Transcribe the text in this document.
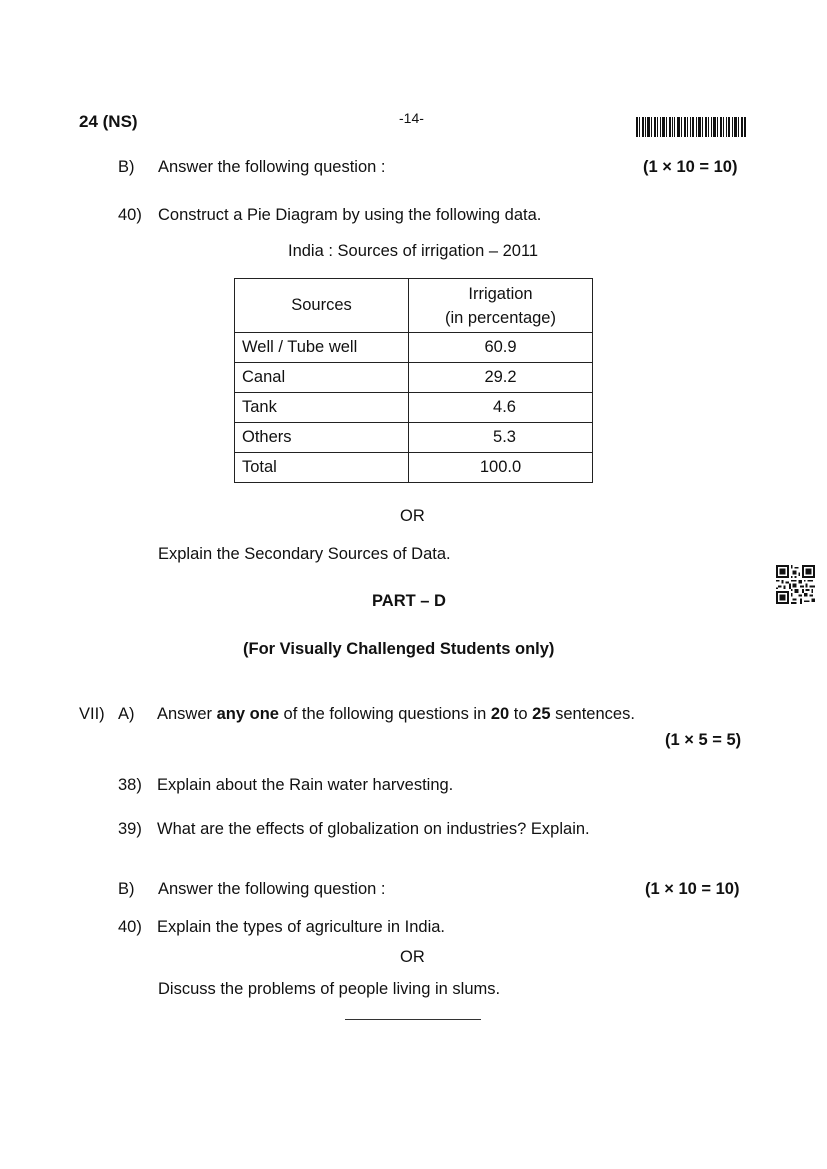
24 (NS)	-14-
B) Answer the following question :	(1 × 10 = 10)
40) Construct a Pie Diagram by using the following data.
India : Sources of irrigation – 2011
Sources	Irrigation
(in percentage)

Well / Tube well	60.9
Canal	29.2
Tank	4.6
Others	5.3
Total	100.0
OR
Explain the Secondary Sources of Data.
PART – D
(For Visually Challenged Students only)
VII) A) Answer any one of the following questions in 20 to 25 sentences.
(1 × 5 = 5)
38) Explain about the Rain water harvesting.
39) What are the effects of globalization on industries? Explain.
B) Answer the following question :	(1 × 10 = 10)
40) Explain the types of agriculture in India.
OR
Discuss the problems of people living in slums.
